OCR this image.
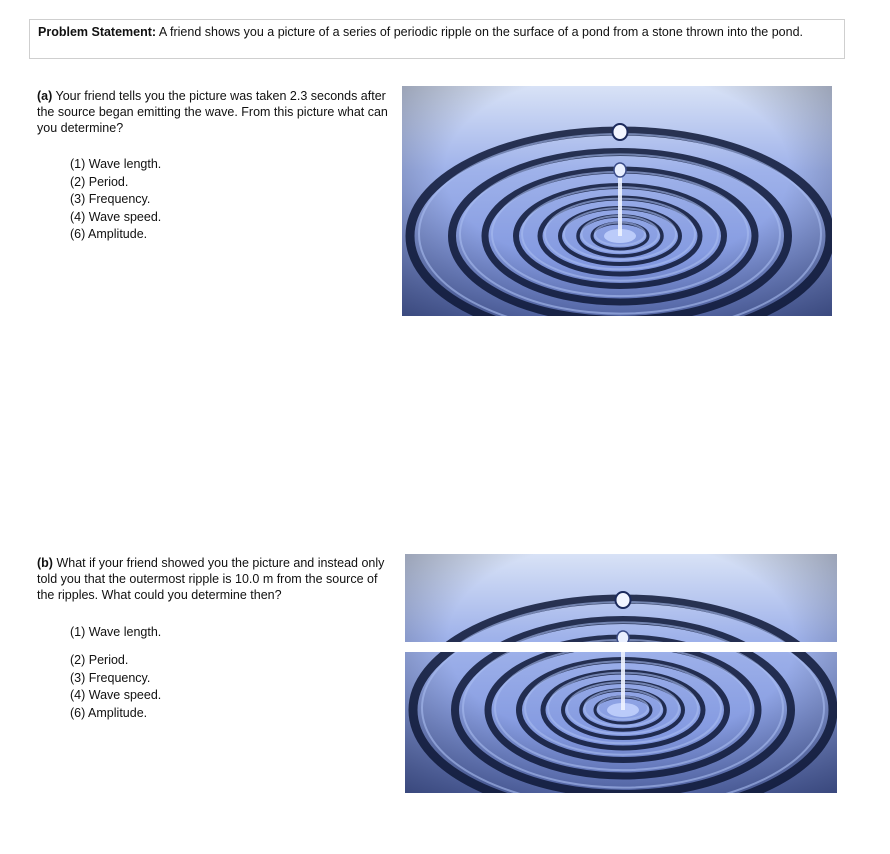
Problem Statement: A friend shows you a picture of a series of periodic ripple on the surface of a pond from a stone thrown into the pond.
(a) Your friend tells you the picture was taken 2.3 seconds after the source began emitting the wave. From this picture what can you determine?
(1) Wave length.
(2) Period.
(3) Frequency.
(4) Wave speed.
(6) Amplitude.
(b) What if your friend showed you the picture and instead only told you that the outermost ripple is 10.0 m from the source of the ripples. What could you determine then?
(1) Wave length.
(2) Period.
(3) Frequency.
(4) Wave speed.
(6) Amplitude.
